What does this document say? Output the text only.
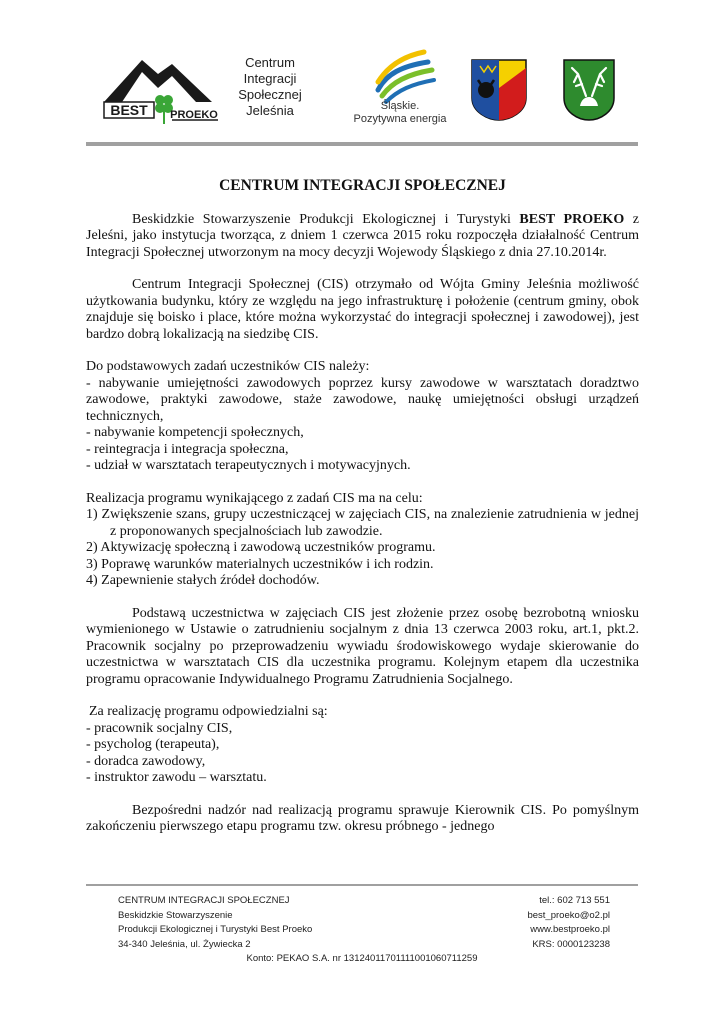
BEST PROEKO
Centrum
Integracji
Społecznej
Jeleśnia	Śląskie.
Pozytywna energia
CENTRUM INTEGRACJI SPOŁECZNEJ

Beskidzkie Stowarzyszenie Produkcji Ekologicznej i Turystyki BEST PROEKO z Jeleśni, jako instytucja tworząca, z dniem 1 czerwca 2015 roku rozpoczęła działalność Centrum Integracji Społecznej utworzonym na mocy decyzji Wojewody Śląskiego z dnia 27.10.2014r.

Centrum Integracji Społecznej (CIS) otrzymało od Wójta Gminy Jeleśnia możliwość użytkowania budynku, który ze względu na jego infrastrukturę i położenie (centrum gminy, obok znajduje się boisko i place, które można wykorzystać do integracji społecznej i zawodowej), jest bardzo dobrą lokalizacją na siedzibę CIS.

Do podstawowych zadań uczestników CIS należy:

- nabywanie umiejętności zawodowych poprzez kursy zawodowe w warsztatach doradztwo zawodowe, praktyki zawodowe, staże zawodowe, naukę umiejętności obsługi urządzeń technicznych,
- nabywanie kompetencji społecznych,
- reintegracja i integracja społeczna,
- udział w warsztatach terapeutycznych i motywacyjnych.

Realizacja programu wynikającego z zadań CIS ma na celu:

1) Zwiększenie szans, grupy uczestniczącej w zajęciach CIS, na znalezienie zatrudnienia w jednej z proponowanych specjalnościach lub zawodzie.
2) Aktywizację społeczną i zawodową uczestników programu.
3) Poprawę warunków materialnych uczestników i ich rodzin.
4) Zapewnienie stałych źródeł dochodów.

Podstawą uczestnictwa w zajęciach CIS jest złożenie przez osobę bezrobotną wniosku wymienionego w Ustawie o zatrudnieniu socjalnym z dnia 13 czerwca 2003 roku, art.1, pkt.2. Pracownik socjalny po przeprowadzeniu wywiadu środowiskowego wydaje skierowanie do uczestnictwa w warsztatach CIS dla uczestnika programu. Kolejnym etapem dla uczestnika programu opracowanie Indywidualnego Programu Zatrudnienia Socjalnego.

Za realizację programu odpowiedzialni są:
- pracownik socjalny CIS,
- psycholog (terapeuta),
- doradca zawodowy,
- instruktor zawodu – warsztatu.

Bezpośredni nadzór nad realizacją programu sprawuje Kierownik CIS. Po pomyślnym zakończeniu pierwszego etapu programu tzw. okresu próbnego - jednego

CENTRUM INTEGRACJI SPOŁECZNEJ
Beskidzkie Stowarzyszenie
Produkcji Ekologicznej i Turystyki Best Proeko
34-340 Jeleśnia, ul. Żywiecka 2
tel.: 602 713 551
best_proeko@o2.pl
www.bestproeko.pl
KRS: 0000123238
Konto: PEKAO S.A. nr 13124011701111001060711259
